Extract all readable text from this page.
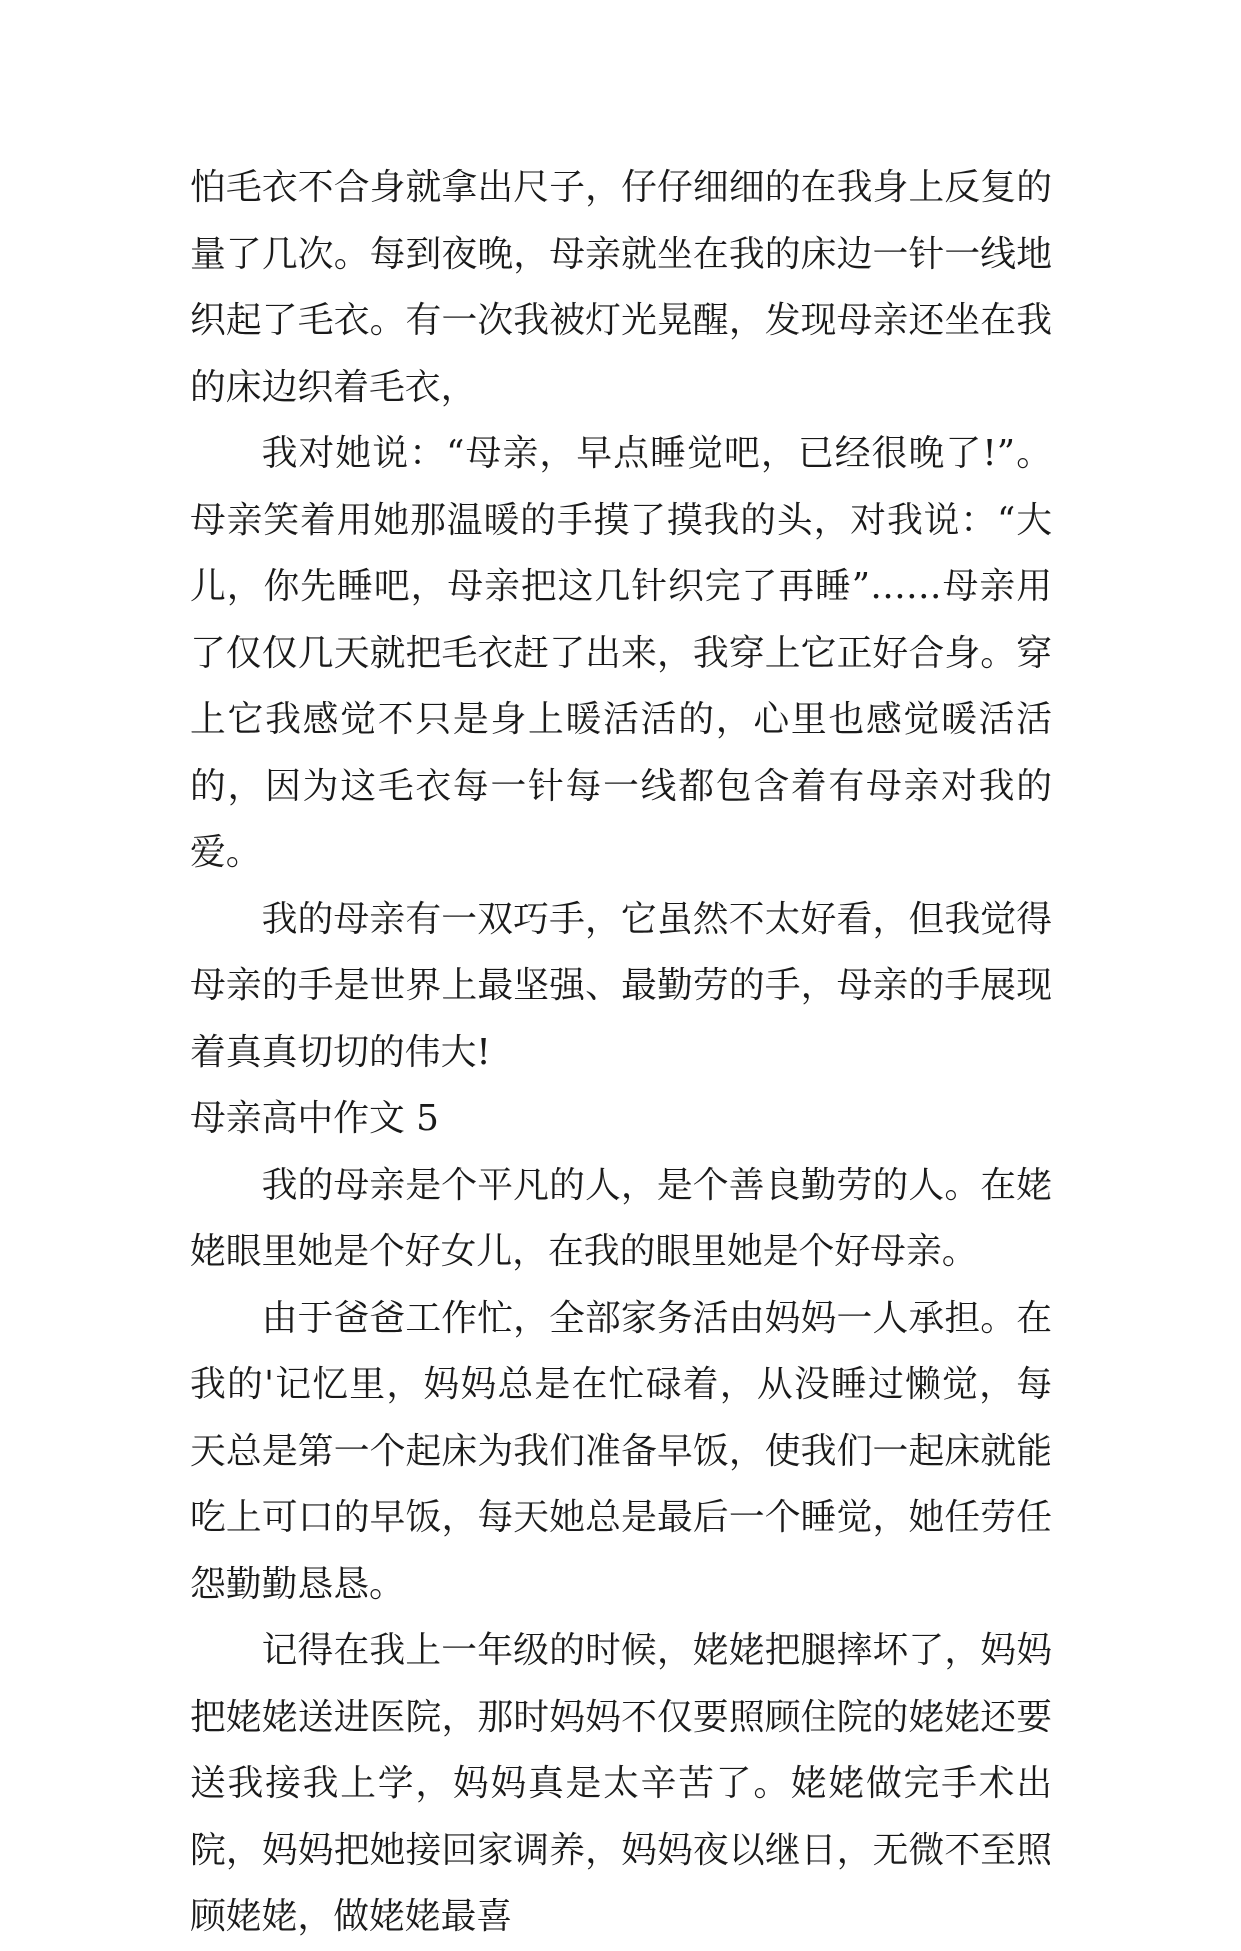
怕毛衣不合身就拿出尺子，仔仔细细的在我身上反复的量了几次。每到夜晚，母亲就坐在我的床边一针一线地织起了毛衣。有一次我被灯光晃醒，发现母亲还坐在我的床边织着毛衣，

我对她说：“母亲，早点睡觉吧，已经很晚了!”。母亲笑着用她那温暖的手摸了摸我的头，对我说：“大儿，你先睡吧，母亲把这几针织完了再睡”……母亲用了仅仅几天就把毛衣赶了出来，我穿上它正好合身。穿上它我感觉不只是身上暖活活的，心里也感觉暖活活的，因为这毛衣每一针每一线都包含着有母亲对我的爱。

我的母亲有一双巧手，它虽然不太好看，但我觉得母亲的手是世界上最坚强、最勤劳的手，母亲的手展现着真真切切的伟大!

母亲高中作文 5

我的母亲是个平凡的人，是个善良勤劳的人。在姥姥眼里她是个好女儿，在我的眼里她是个好母亲。

由于爸爸工作忙，全部家务活由妈妈一人承担。在我的'记忆里，妈妈总是在忙碌着，从没睡过懒觉，每天总是第一个起床为我们准备早饭，使我们一起床就能吃上可口的早饭，每天她总是最后一个睡觉，她任劳任怨勤勤恳恳。

记得在我上一年级的时候，姥姥把腿摔坏了，妈妈把姥姥送进医院，那时妈妈不仅要照顾住院的姥姥还要送我接我上学，妈妈真是太辛苦了。姥姥做完手术出院，妈妈把她接回家调养，妈妈夜以继日，无微不至照顾姥姥，做姥姥最喜
